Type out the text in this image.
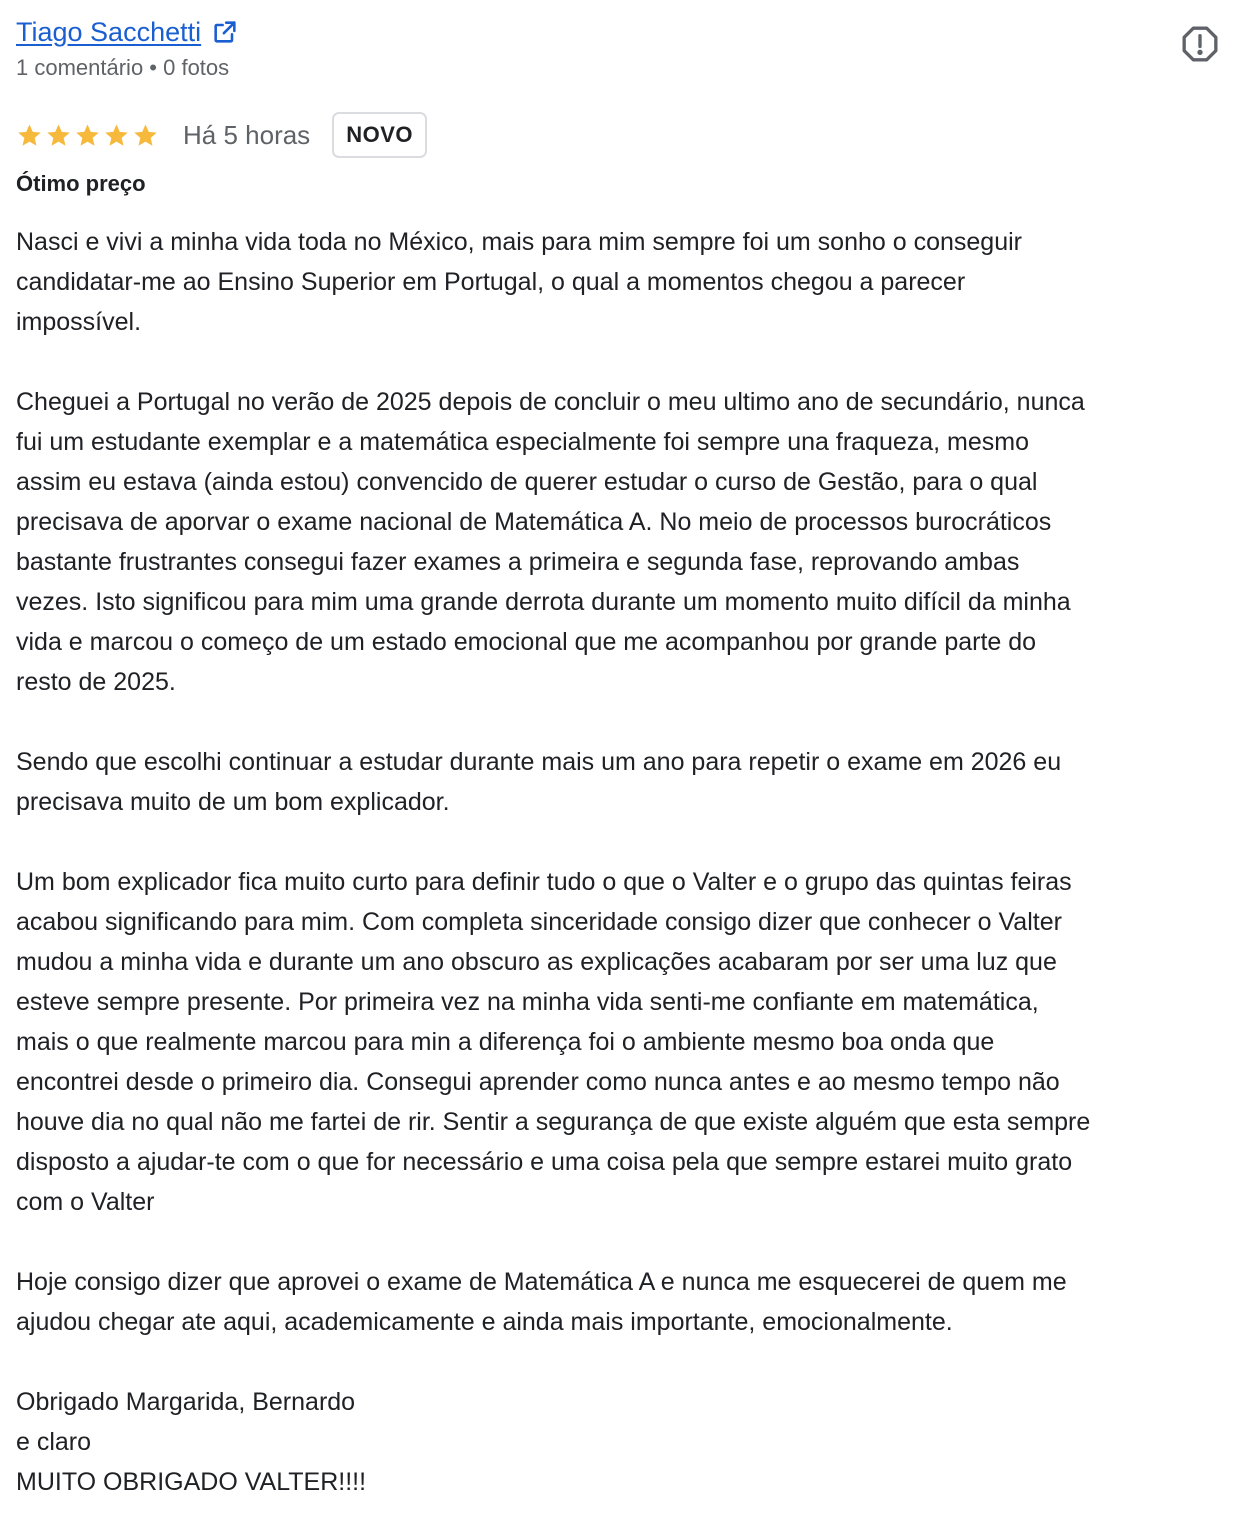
Tiago Sacchetti
1 comentário • 0 fotos
Há 5 horas	NOVO
Ótimo preço

Nasci e vivi a minha vida toda no México, mais para mim sempre foi um sonho o conseguir
candidatar-me ao Ensino Superior em Portugal, o qual a momentos chegou a parecer
impossível.

Cheguei a Portugal no verão de 2025 depois de concluir o meu ultimo ano de secundário, nunca
fui um estudante exemplar e a matemática especialmente foi sempre una fraqueza, mesmo
assim eu estava (ainda estou) convencido de querer estudar o curso de Gestão, para o qual
precisava de aporvar o exame nacional de Matemática A. No meio de processos burocráticos
bastante frustrantes consegui fazer exames a primeira e segunda fase, reprovando ambas
vezes. Isto significou para mim uma grande derrota durante um momento muito difícil da minha
vida e marcou o começo de um estado emocional que me acompanhou por grande parte do
resto de 2025.

Sendo que escolhi continuar a estudar durante mais um ano para repetir o exame em 2026 eu
precisava muito de um bom explicador.

Um bom explicador fica muito curto para definir tudo o que o Valter e o grupo das quintas feiras
acabou significando para mim. Com completa sinceridade consigo dizer que conhecer o Valter
mudou a minha vida e durante um ano obscuro as explicações acabaram por ser uma luz que
esteve sempre presente. Por primeira vez na minha vida senti-me confiante em matemática,
mais o que realmente marcou para min a diferença foi o ambiente mesmo boa onda que
encontrei desde o primeiro dia. Consegui aprender como nunca antes e ao mesmo tempo não
houve dia no qual não me fartei de rir. Sentir a segurança de que existe alguém que esta sempre
disposto a ajudar-te com o que for necessário e uma coisa pela que sempre estarei muito grato
com o Valter

Hoje consigo dizer que aprovei o exame de Matemática A e nunca me esquecerei de quem me
ajudou chegar ate aqui, academicamente e ainda mais importante, emocionalmente.

Obrigado Margarida, Bernardo
e claro
MUITO OBRIGADO VALTER!!!!
